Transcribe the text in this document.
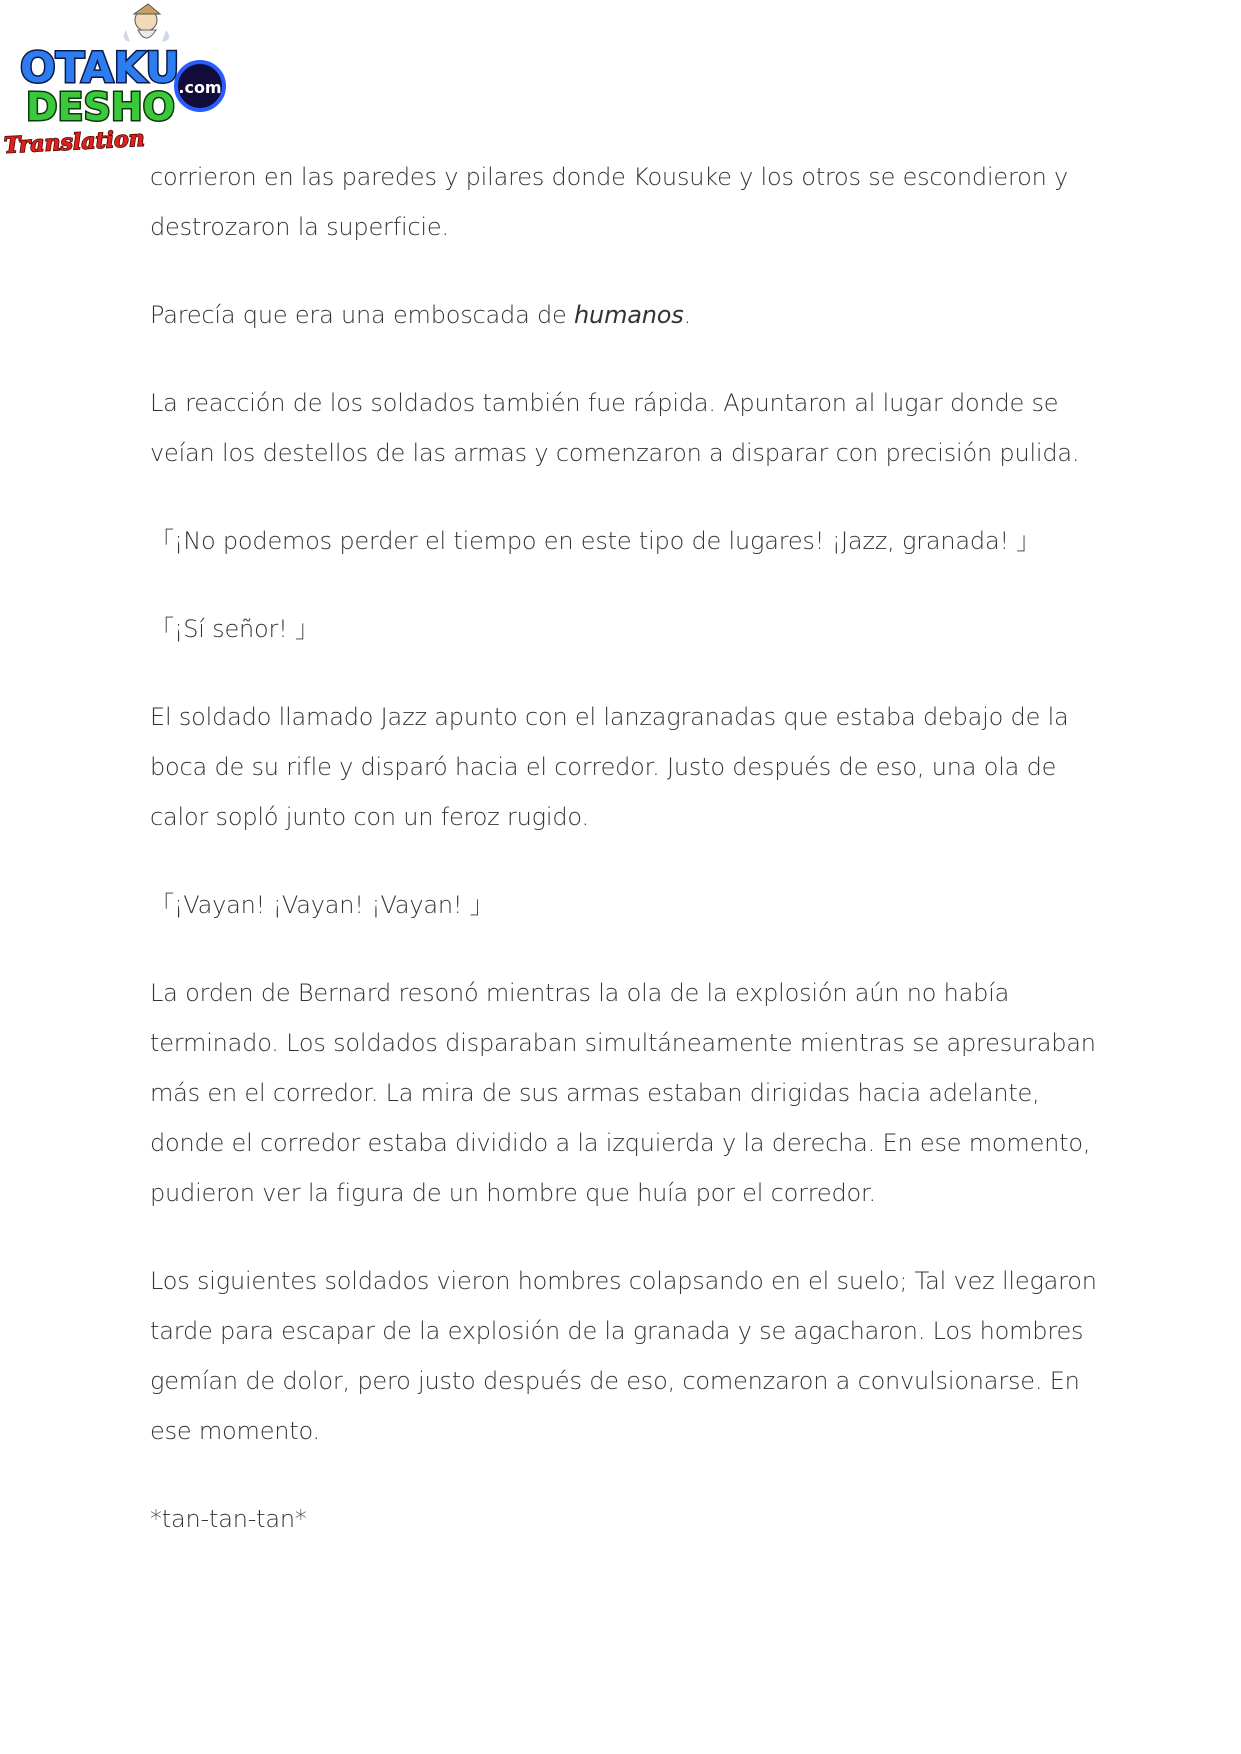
.com
OTAKU
DESHO
Translation

corrieron en las paredes y pilares donde Kousuke y los otros se escondieron y destrozaron la superficie.

Parecía que era una emboscada de humanos.

La reacción de los soldados también fue rápida. Apuntaron al lugar donde se veían los destellos de las armas y comenzaron a disparar con precisión pulida.

「¡No podemos perder el tiempo en este tipo de lugares! ¡Jazz, granada! 」

「¡Sí señor! 」

El soldado llamado Jazz apunto con el lanzagranadas que estaba debajo de la boca de su rifle y disparó hacia el corredor. Justo después de eso, una ola de calor sopló junto con un feroz rugido.

「¡Vayan! ¡Vayan! ¡Vayan! 」

La orden de Bernard resonó mientras la ola de la explosión aún no había terminado. Los soldados disparaban simultáneamente mientras se apresuraban más en el corredor. La mira de sus armas estaban dirigidas hacia adelante, donde el corredor estaba dividido a la izquierda y la derecha. En ese momento, pudieron ver la figura de un hombre que huía por el corredor.

Los siguientes soldados vieron hombres colapsando en el suelo; Tal vez llegaron tarde para escapar de la explosión de la granada y se agacharon. Los hombres gemían de dolor, pero justo después de eso, comenzaron a convulsionarse. En ese momento.

*tan-tan-tan*
